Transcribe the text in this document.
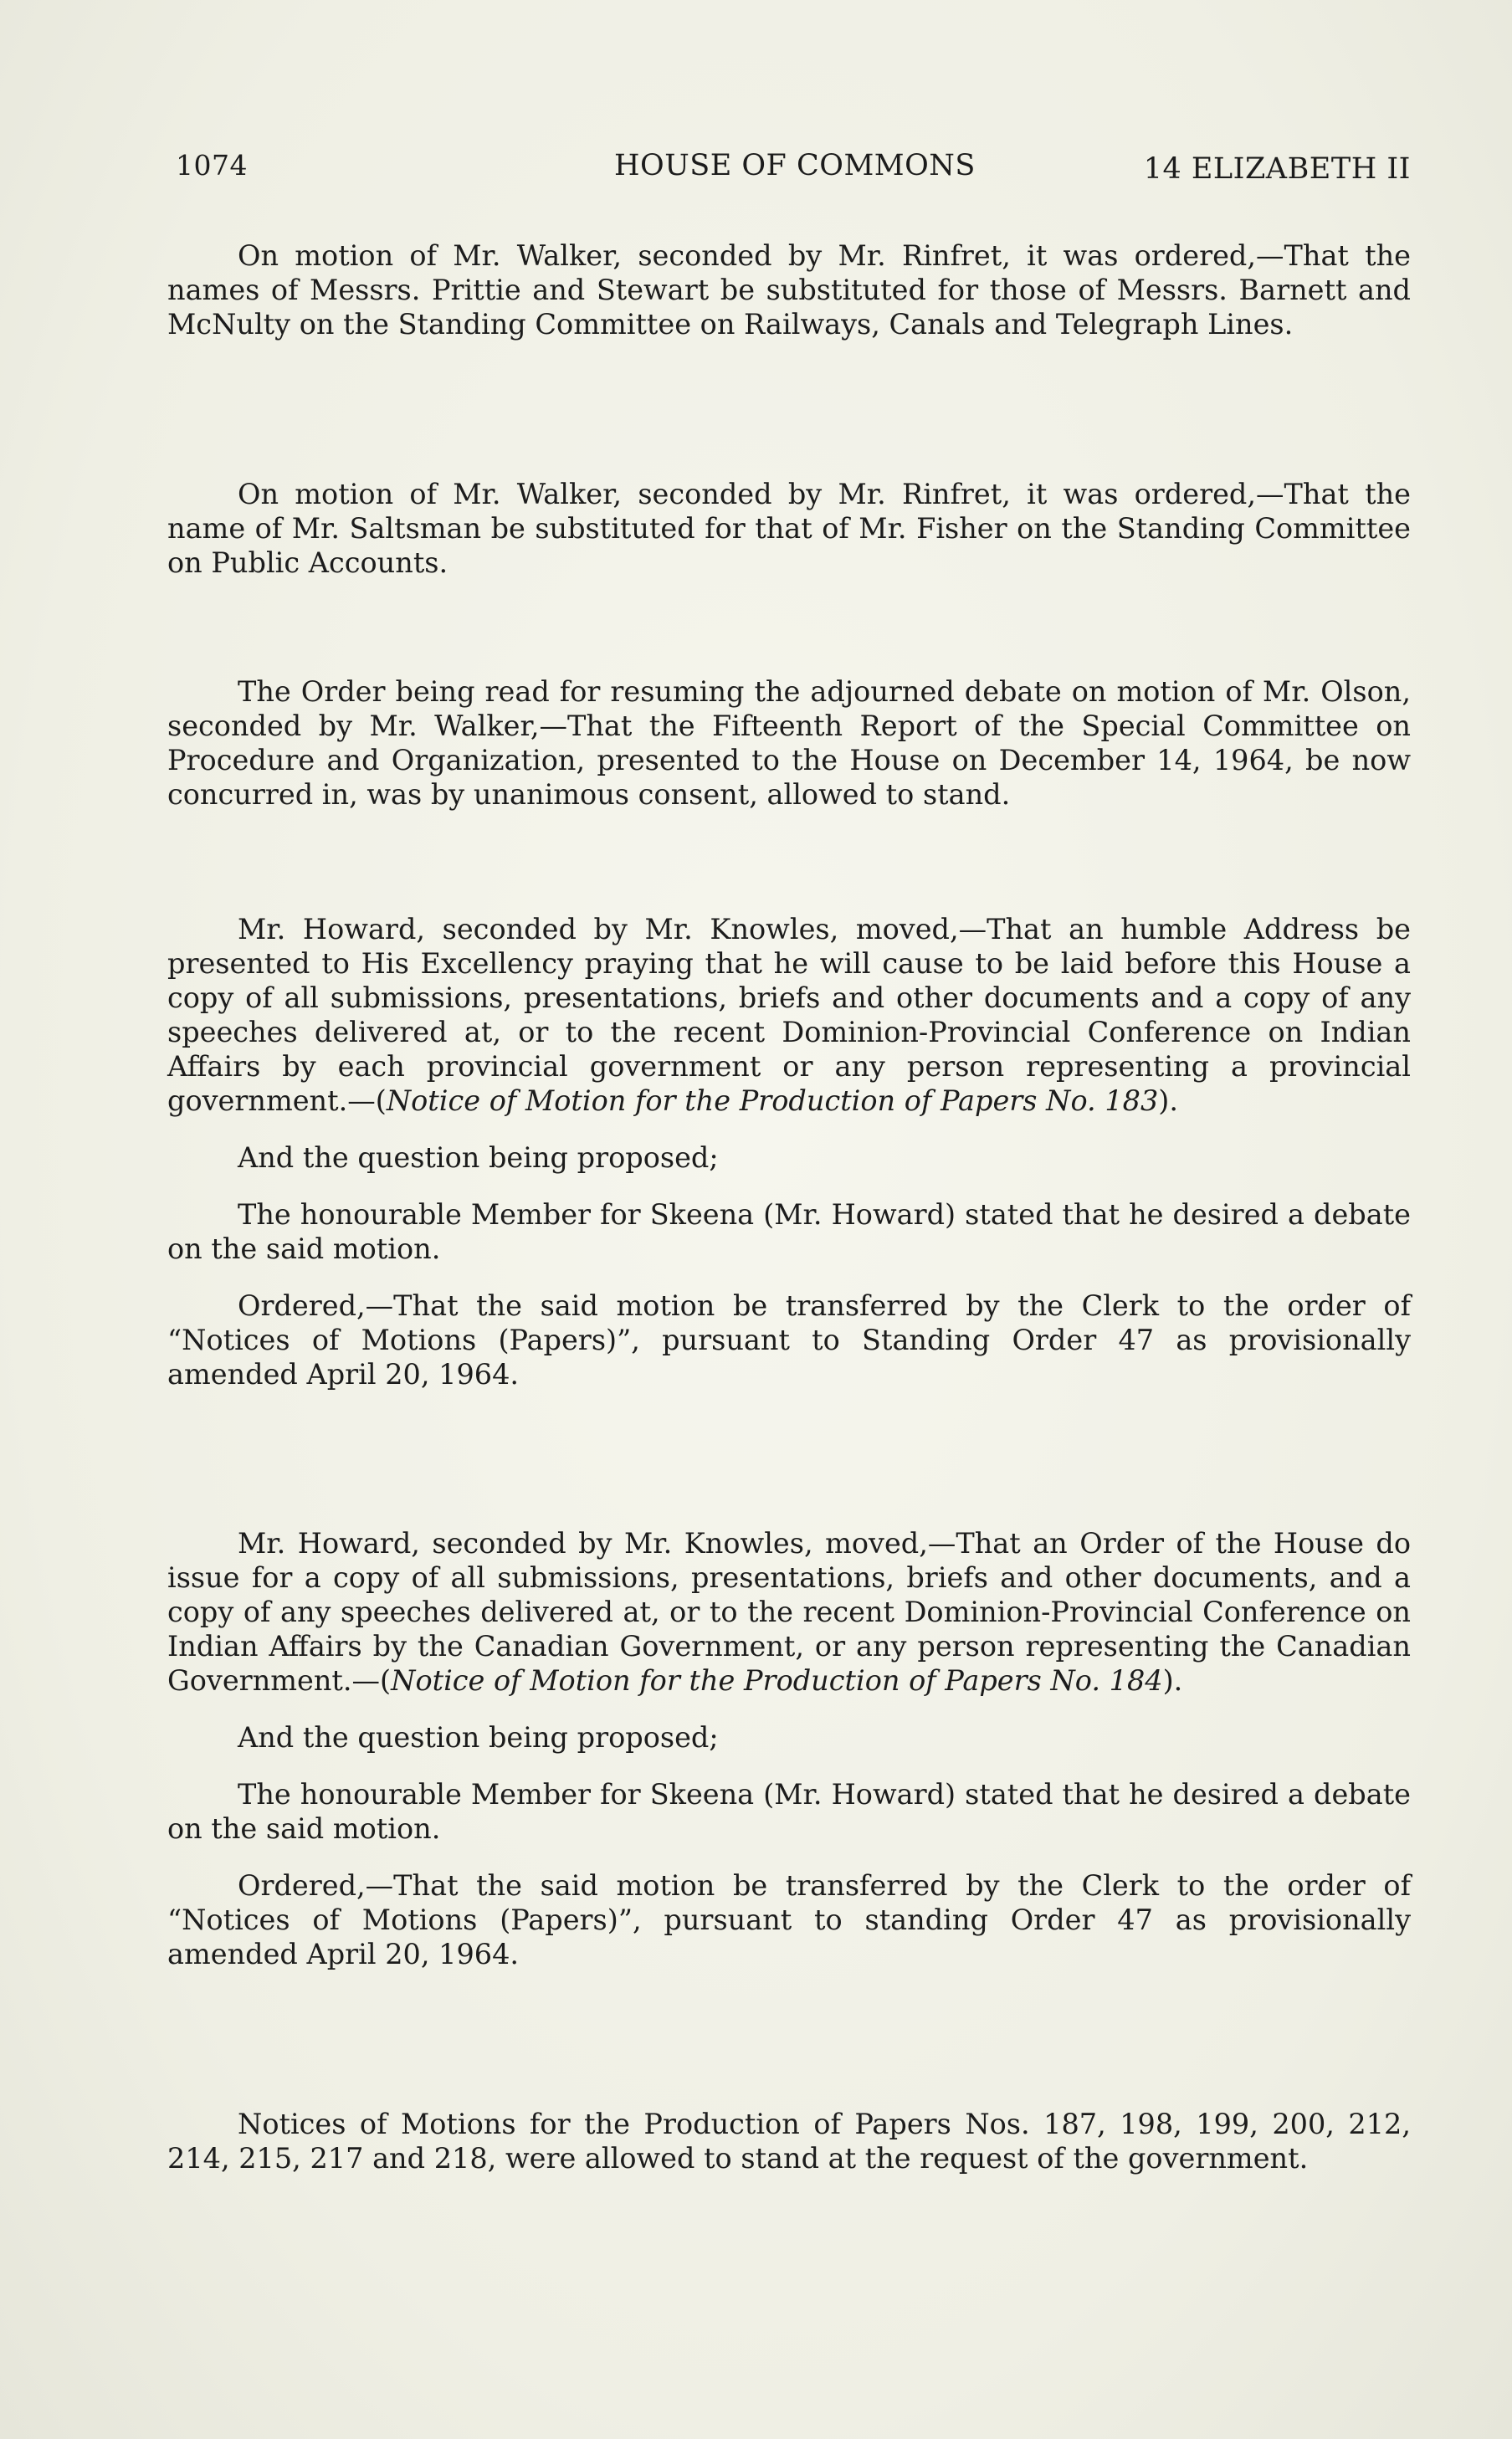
1074	HOUSE OF COMMONS	14 ELIZABETH II

On motion of Mr. Walker, seconded by Mr. Rinfret, it was ordered,—That the names of Messrs. Prittie and Stewart be substituted for those of Messrs. Barnett and McNulty on the Standing Committee on Railways, Canals and Telegraph Lines.

On motion of Mr. Walker, seconded by Mr. Rinfret, it was ordered,—That the name of Mr. Saltsman be substituted for that of Mr. Fisher on the Standing Committee on Public Accounts.

The Order being read for resuming the adjourned debate on motion of Mr. Olson, seconded by Mr. Walker,—That the Fifteenth Report of the Special Committee on Procedure and Organization, presented to the House on December 14, 1964, be now concurred in, was by unanimous consent, allowed to stand.

Mr. Howard, seconded by Mr. Knowles, moved,—That an humble Address be presented to His Excellency praying that he will cause to be laid before this House a copy of all submissions, presentations, briefs and other documents and a copy of any speeches delivered at, or to the recent Dominion-Provincial Conference on Indian Affairs by each provincial government or any person representing a provincial government.—(Notice of Motion for the Production of Papers No. 183).

And the question being proposed;

The honourable Member for Skeena (Mr. Howard) stated that he desired a debate on the said motion.

Ordered,—That the said motion be transferred by the Clerk to the order of “Notices of Motions (Papers)”, pursuant to Standing Order 47 as provisionally amended April 20, 1964.

Mr. Howard, seconded by Mr. Knowles, moved,—That an Order of the House do issue for a copy of all submissions, presentations, briefs and other documents, and a copy of any speeches delivered at, or to the recent Dominion-Provincial Conference on Indian Affairs by the Canadian Government, or any person representing the Canadian Government.—(Notice of Motion for the Production of Papers No. 184).

And the question being proposed;

The honourable Member for Skeena (Mr. Howard) stated that he desired a debate on the said motion.

Ordered,—That the said motion be transferred by the Clerk to the order of “Notices of Motions (Papers)”, pursuant to standing Order 47 as provisionally amended April 20, 1964.

Notices of Motions for the Production of Papers Nos. 187, 198, 199, 200, 212, 214, 215, 217 and 218, were allowed to stand at the request of the government.
